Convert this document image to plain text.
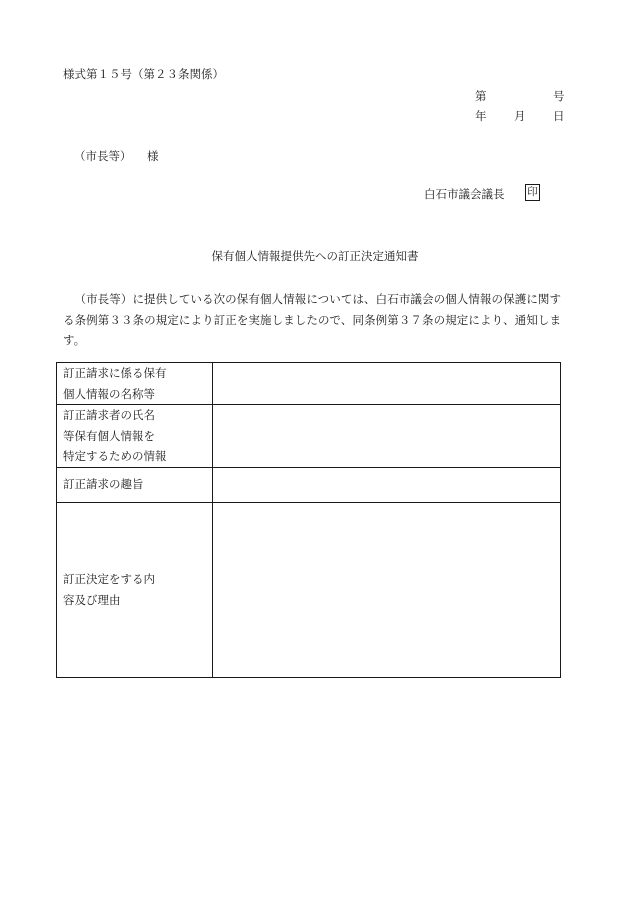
様式第１５号（第２３条関係）
第	号
年 月 日
（市長等） 様
白石市議会議長 印
保有個人情報提供先への訂正決定通知書
（市長等）に提供している次の保有個人情報については、白石市議会の個人情報の保護に関する条例第３３条の規定により訂正を実施しましたので、同条例第３７条の規定により、通知します。
訂正請求に係る保有
個人情報の名称等	

訂正請求者の氏名
等保有個人情報を
特定するための情報	

訂正請求の趣旨	

訂正決定をする内
容及び理由	
